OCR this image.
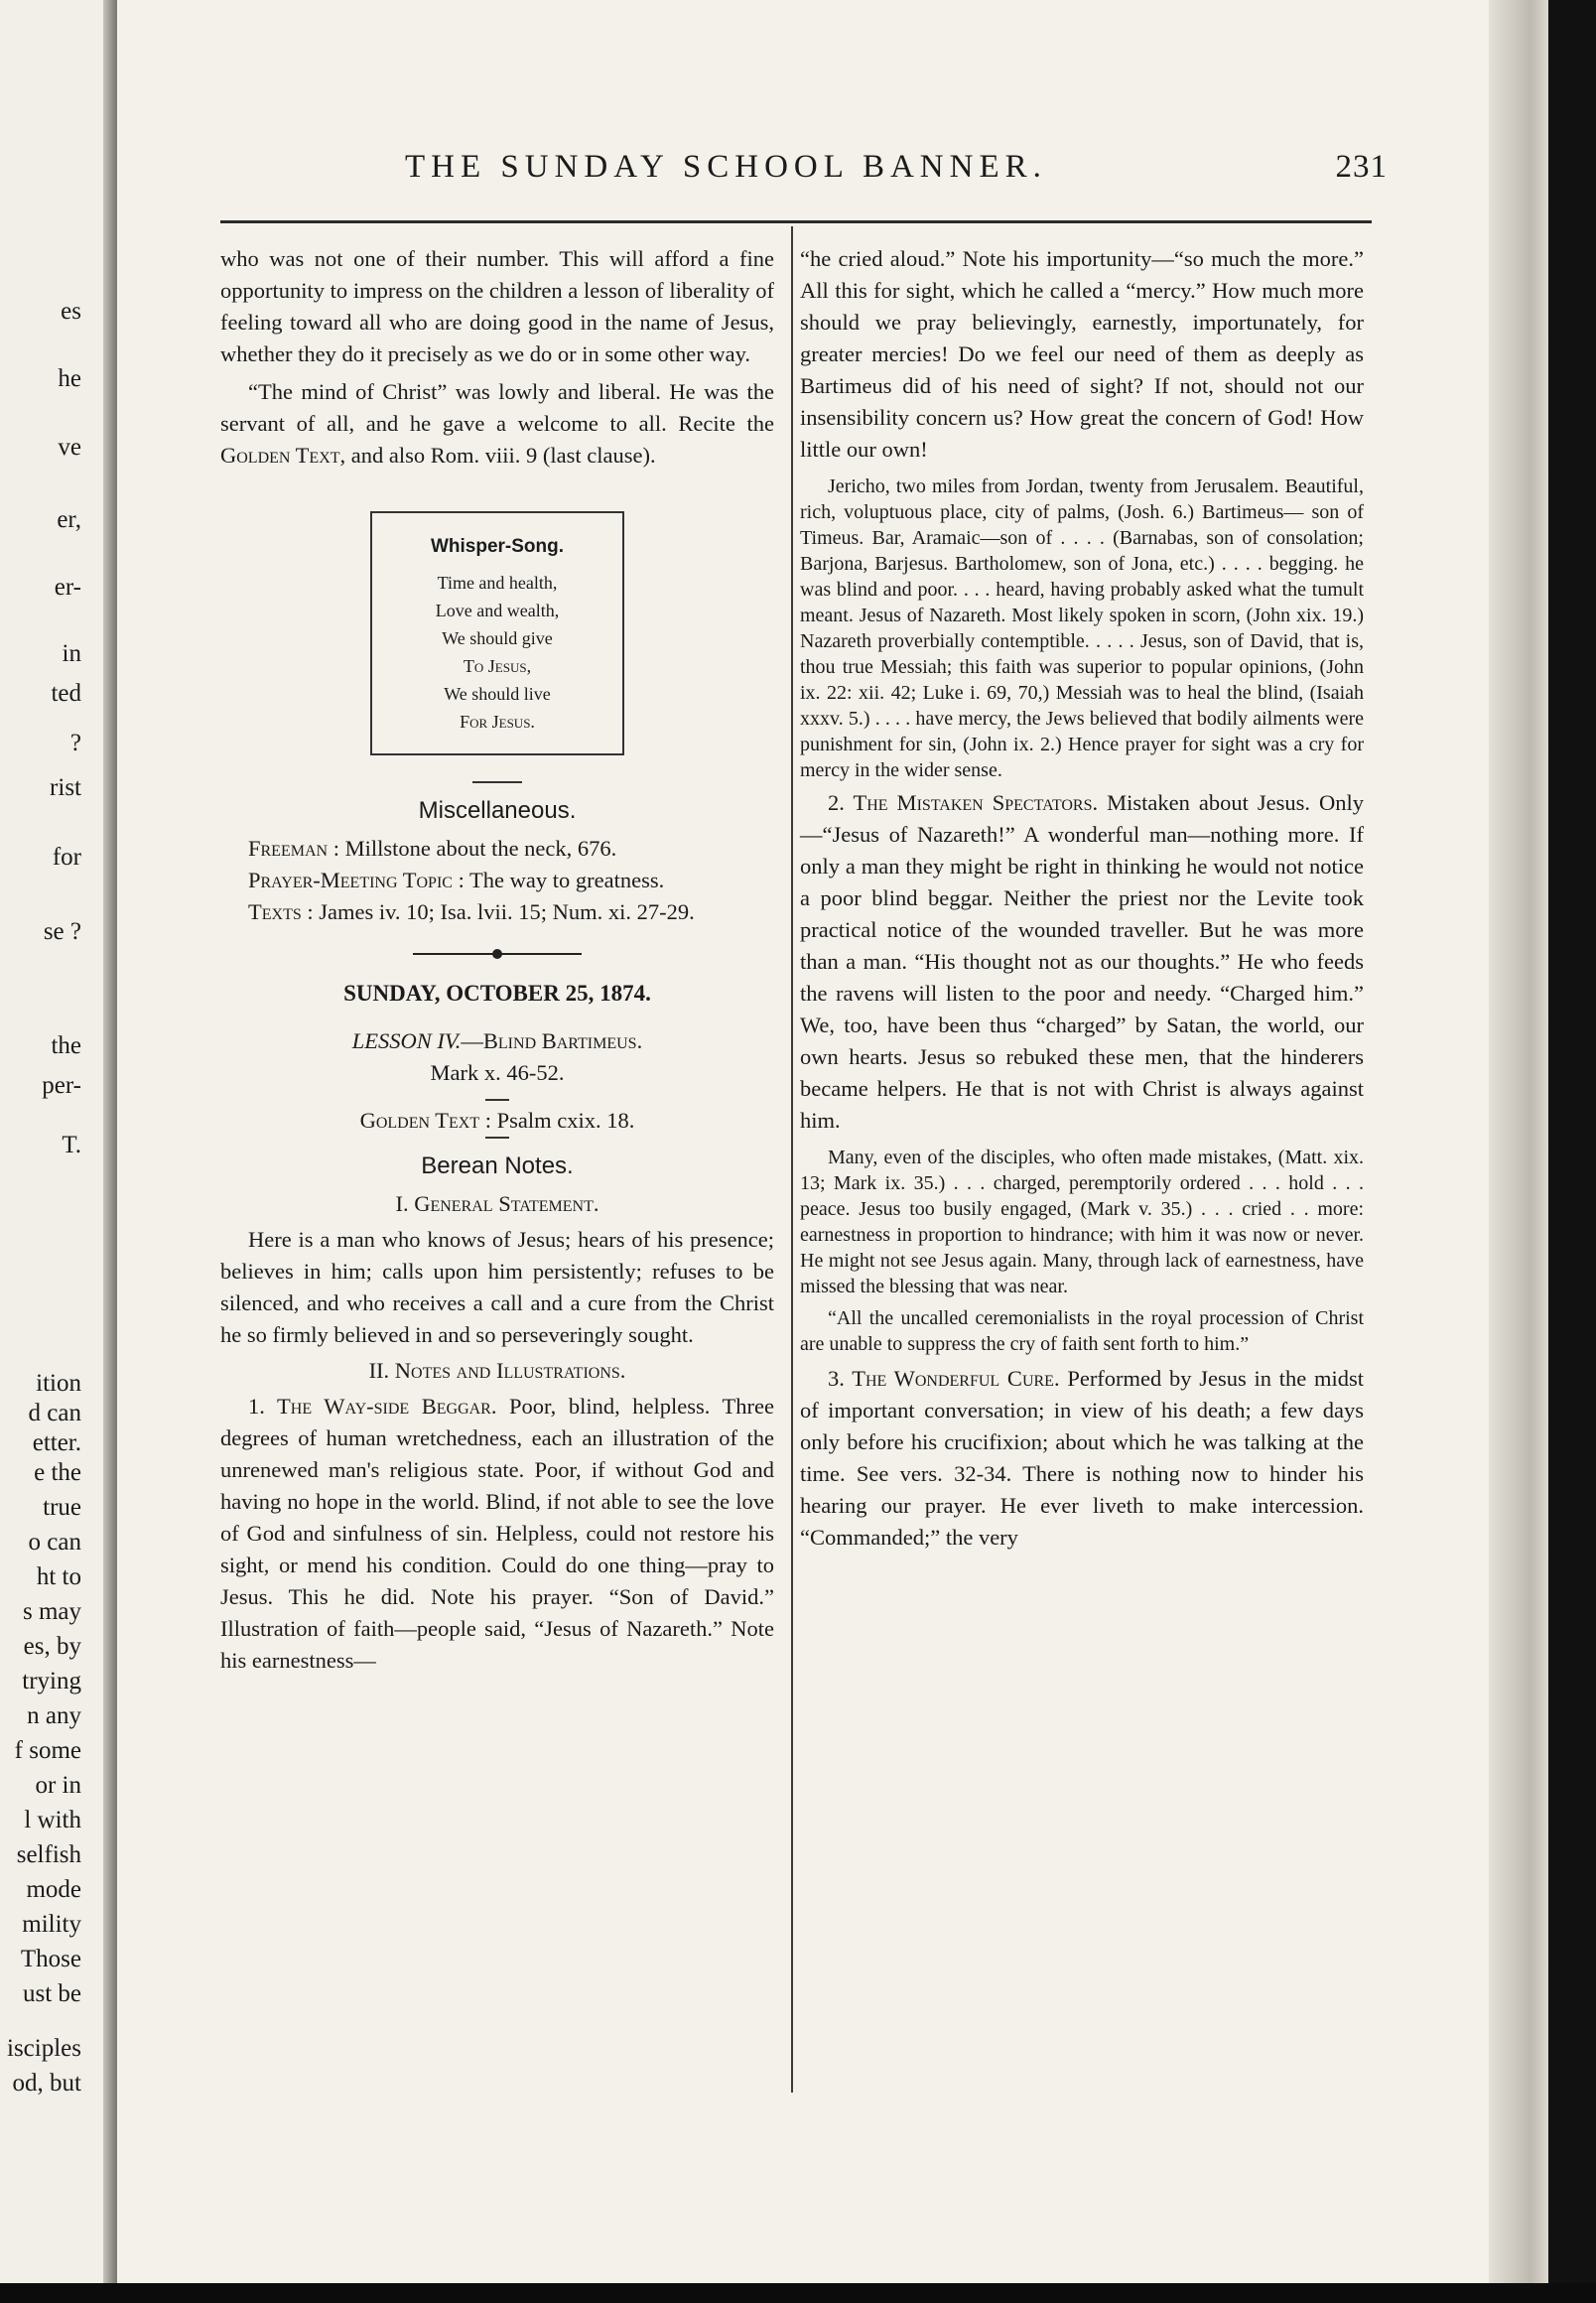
es
he
ve
er,
er-
in
ted
?
rist
for
se ?
the
per-
T.
ition
d can
etter.
e the
true
o can
ht to
s may
es, by
trying
n any
f some
or in
l with
selfish
mode
mility
Those
ust be
isciples
od, but
THE SUNDAY SCHOOL BANNER.	231

who was not one of their number. This will afford a fine opportunity to impress on the children a lesson of liberality of feeling toward all who are doing good in the name of Jesus, whether they do it precisely as we do or in some other way.

“The mind of Christ” was lowly and liberal. He was the servant of all, and he gave a welcome to all. Recite the Golden Text, and also Rom. viii. 9 (last clause).

Whisper-Song.
Time and health,
Love and wealth,
We should give
To Jesus,
We should live
For Jesus.
Miscellaneous.

Freeman : Millstone about the neck, 676.

Prayer-Meeting Topic : The way to greatness.

Texts : James iv. 10; Isa. lvii. 15; Num. xi. 27-29.

SUNDAY, OCTOBER 25, 1874.

LESSON IV.—Blind Bartimeus.

Mark x. 46-52.

Golden Text : Psalm cxix. 18.

Berean Notes.

I. General Statement.

Here is a man who knows of Jesus; hears of his presence; believes in him; calls upon him persistently; refuses to be silenced, and who receives a call and a cure from the Christ he so firmly believed in and so perseveringly sought.

II. Notes and Illustrations.

1. The Way-side Beggar. Poor, blind, helpless. Three degrees of human wretchedness, each an illustration of the unrenewed man's religious state. Poor, if without God and having no hope in the world. Blind, if not able to see the love of God and sinfulness of sin. Helpless, could not restore his sight, or mend his condition. Could do one thing—pray to Jesus. This he did. Note his prayer. “Son of David.” Illustration of faith—people said, “Jesus of Nazareth.” Note his earnestness—

“he cried aloud.” Note his importunity—“so much the more.” All this for sight, which he called a “mercy.” How much more should we pray believingly, earnestly, importunately, for greater mercies! Do we feel our need of them as deeply as Bartimeus did of his need of sight? If not, should not our insensibility concern us? How great the concern of God! How little our own!

Jericho, two miles from Jordan, twenty from Jerusalem. Beautiful, rich, voluptuous place, city of palms, (Josh. 6.) Bartimeus— son of Timeus. Bar, Aramaic—son of . . . . (Barnabas, son of consolation; Barjona, Barjesus. Bartholomew, son of Jona, etc.) . . . . begging. he was blind and poor. . . . heard, having probably asked what the tumult meant. Jesus of Nazareth. Most likely spoken in scorn, (John xix. 19.) Nazareth proverbially contemptible. . . . . Jesus, son of David, that is, thou true Messiah; this faith was superior to popular opinions, (John ix. 22: xii. 42; Luke i. 69, 70,) Messiah was to heal the blind, (Isaiah xxxv. 5.) . . . . have mercy, the Jews believed that bodily ailments were punishment for sin, (John ix. 2.) Hence prayer for sight was a cry for mercy in the wider sense.

2. The Mistaken Spectators. Mistaken about Jesus. Only—“Jesus of Nazareth!” A wonderful man—nothing more. If only a man they might be right in thinking he would not notice a poor blind beggar. Neither the priest nor the Levite took practical notice of the wounded traveller. But he was more than a man. “His thought not as our thoughts.” He who feeds the ravens will listen to the poor and needy. “Charged him.” We, too, have been thus “charged” by Satan, the world, our own hearts. Jesus so rebuked these men, that the hinderers became helpers. He that is not with Christ is always against him.

Many, even of the disciples, who often made mistakes, (Matt. xix. 13; Mark ix. 35.) . . . charged, peremptorily ordered . . . hold . . . peace. Jesus too busily engaged, (Mark v. 35.) . . . cried . . more: earnestness in proportion to hindrance; with him it was now or never. He might not see Jesus again. Many, through lack of earnestness, have missed the blessing that was near.

“All the uncalled ceremonialists in the royal procession of Christ are unable to suppress the cry of faith sent forth to him.”

3. The Wonderful Cure. Performed by Jesus in the midst of important conversation; in view of his death; a few days only before his crucifixion; about which he was talking at the time. See vers. 32-34. There is nothing now to hinder his hearing our prayer. He ever liveth to make intercession. “Commanded;” the very
